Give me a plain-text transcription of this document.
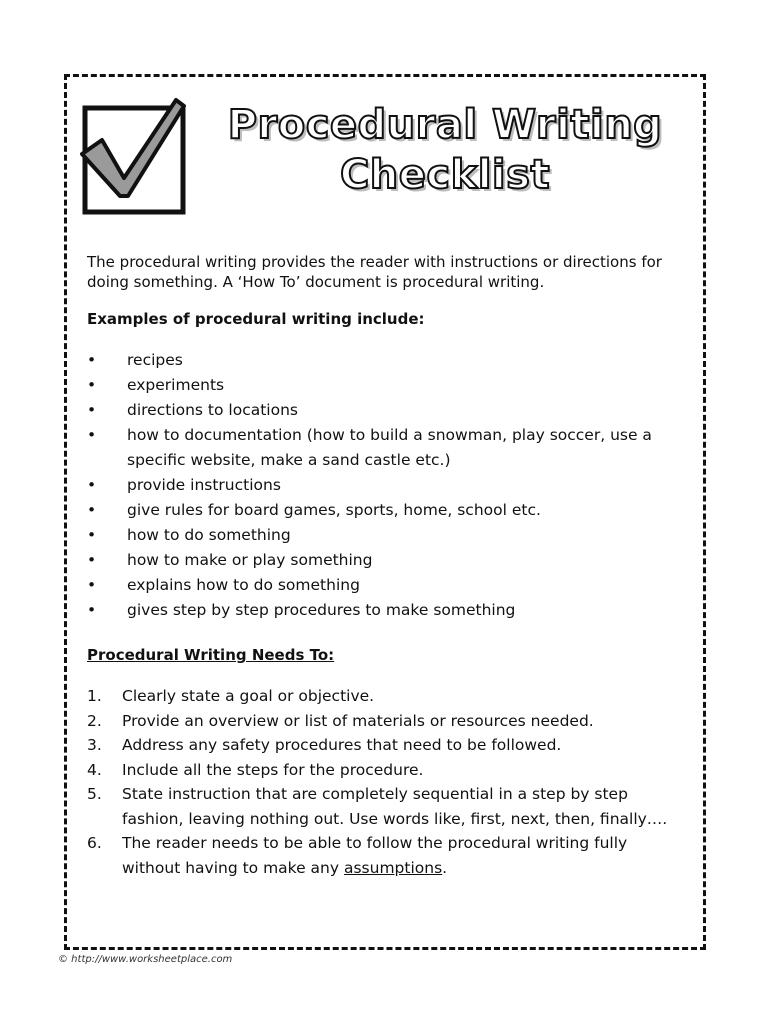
Procedural Writing
Checklist

The procedural writing provides the reader with instructions or directions for doing something. A ‘How To’ document is procedural writing.

Examples of procedural writing include:

• recipes
• experiments
• directions to locations
• how to documentation (how to build a snowman, play soccer, use a specific website, make a sand castle etc.)
• provide instructions
• give rules for board games, sports, home, school etc.
• how to do something
• how to make or play something
• explains how to do something
• gives step by step procedures to make something

Procedural Writing Needs To:

1. Clearly state a goal or objective.
2. Provide an overview or list of materials or resources needed.
3. Address any safety procedures that need to be followed.
4. Include all the steps for the procedure.
5. State instruction that are completely sequential in a step by step fashion, leaving nothing out. Use words like, first, next, then, finally….
6. The reader needs to be able to follow the procedural writing fully without having to make any assumptions.
© http://www.worksheetplace.com
